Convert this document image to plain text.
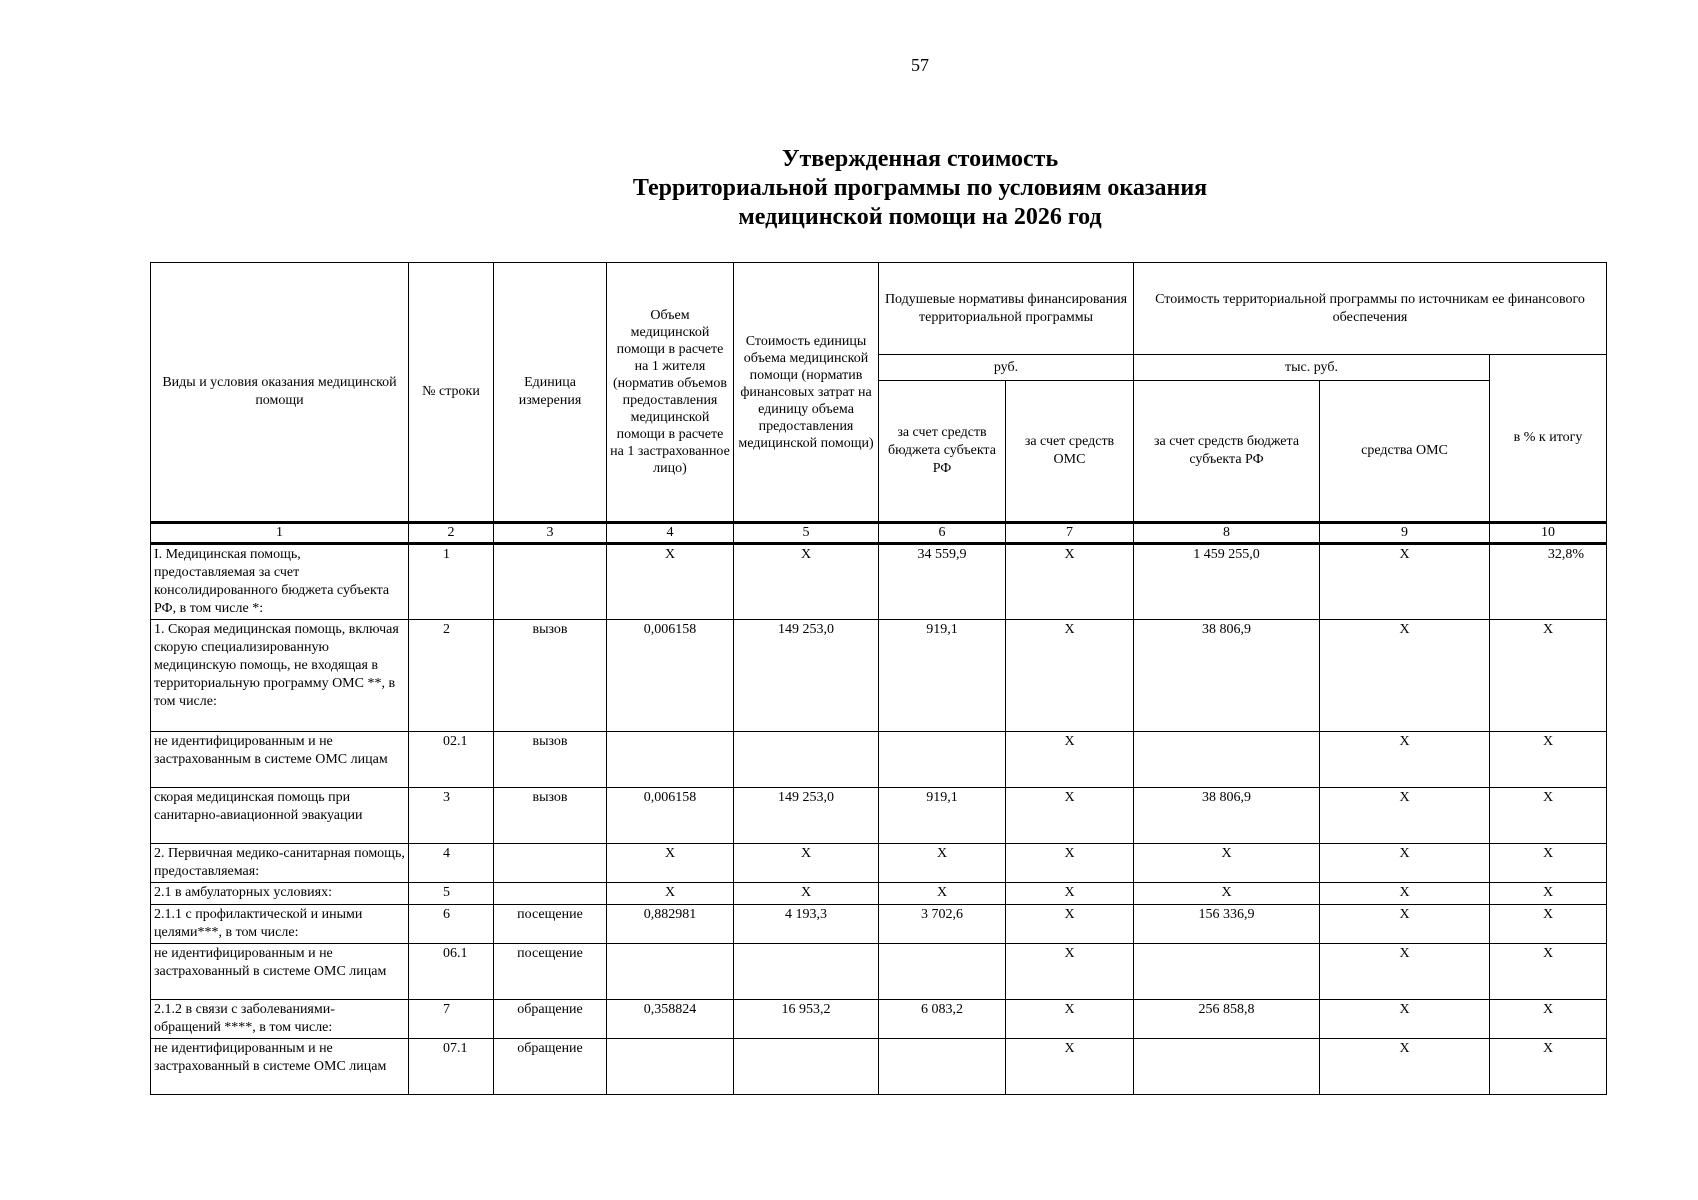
57
Утвержденная стоимость
Территориальной программы по условиям оказания
медицинской помощи на 2026 год
Виды и условия оказания медицинской помощи	№ строки	Единица измерения	Объем медицинской помощи в расчете на 1 жителя (норматив объемов предоставления медицинской помощи в расчете на 1 застрахованное лицо)	Стоимость единицы объема медицинской помощи (норматив финансовых затрат на единицу объема предоставления медицинской помощи)	Подушевые нормативы финансирования территориальной программы		Стоимость территориальной программы по источникам ее финансового обеспечения		
					руб.		тыс. руб.		в % к итогу
					за счет средств бюджета субъекта РФ	за счет средств ОМС	за счет средств бюджета субъекта РФ	средства ОМС	
1	2	3	4	5	6	7	8	9	10
I. Медицинская помощь, предоставляемая за счет консолидированного бюджета субъекта РФ, в том числе *:	1		Х	Х	34 559,9	Х	1 459 255,0	Х	32,8%
1. Скорая медицинская помощь, включая скорую специализированную медицинскую помощь, не входящая в территориальную программу ОМС **, в том числе:	2	вызов	0,006158	149 253,0	919,1	Х	38 806,9	Х	Х
не идентифицированным и не застрахованным в системе ОМС лицам	02.1	вызов				Х		Х	Х
скорая медицинская помощь при санитарно-авиационной эвакуации	3	вызов	0,006158	149 253,0	919,1	Х	38 806,9	Х	Х
2. Первичная медико-санитарная помощь, предоставляемая:	4		Х	Х	Х	Х	Х	Х	Х
2.1 в амбулаторных условиях:	5		Х	Х	Х	Х	Х	Х	Х
2.1.1 с профилактической и иными целями***, в том числе:	6	посещение	0,882981	4 193,3	3 702,6	Х	156 336,9	Х	Х
не идентифицированным и не застрахованный в системе ОМС лицам	06.1	посещение				Х		Х	Х
2.1.2 в связи с заболеваниями- обращений ****, в том числе:	7	обращение	0,358824	16 953,2	6 083,2	Х	256 858,8	Х	Х
не идентифицированным и не застрахованный в системе ОМС лицам	07.1	обращение				Х		Х	Х
